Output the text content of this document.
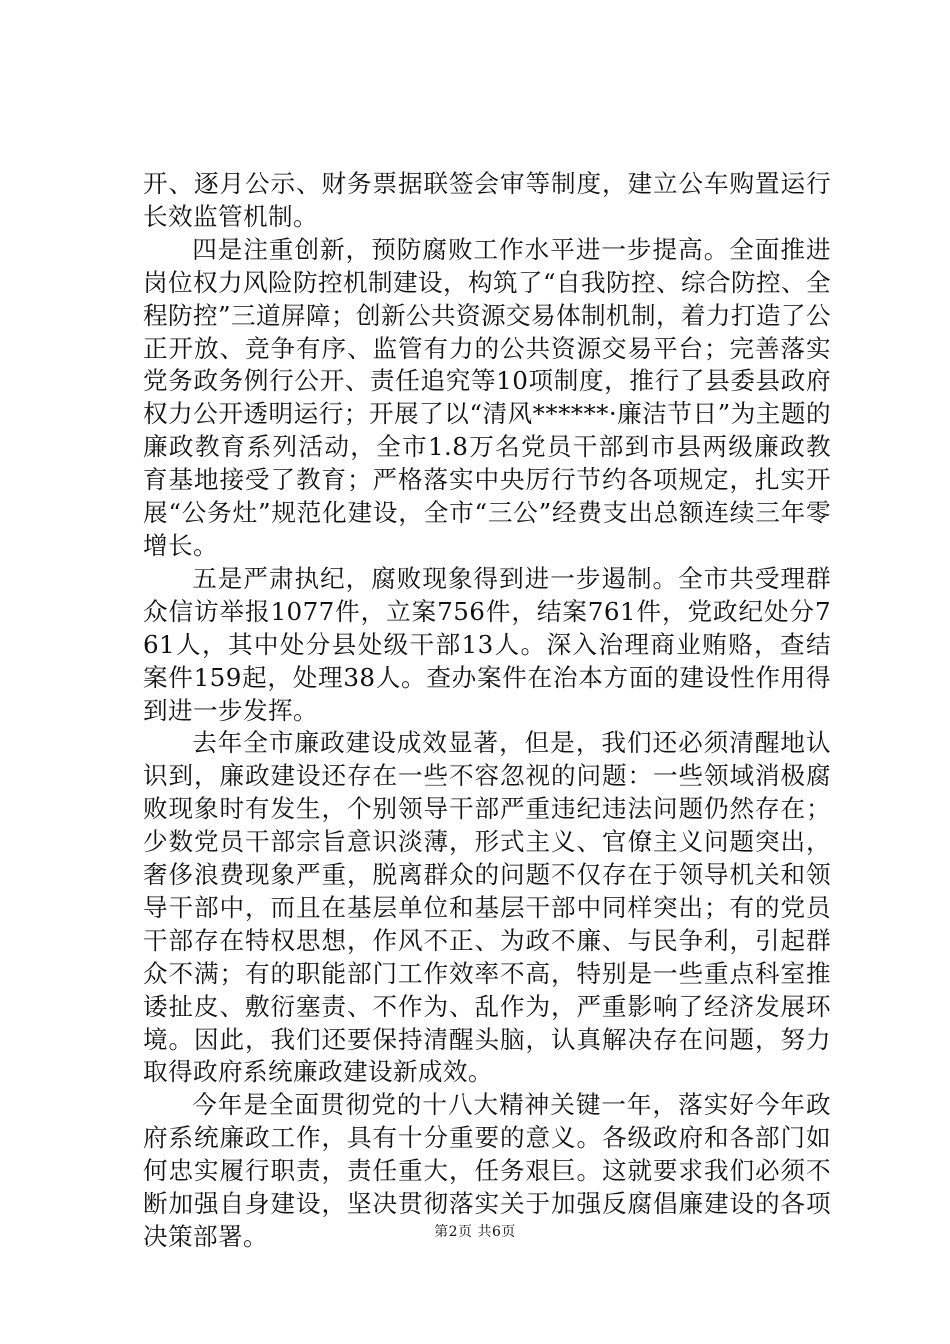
开、逐月公示、财务票据联签会审等制度，建立公车购置运行长效监管机制。

四是注重创新，预防腐败工作水平进一步提高。全面推进岗位权力风险防控机制建设，构筑了“自我防控、综合防控、全程防控”三道屏障；创新公共资源交易体制机制，着力打造了公正开放、竞争有序、监管有力的公共资源交易平台；完善落实党务政务例行公开、责任追究等10项制度，推行了县委县政府权力公开透明运行；开展了以“清风******·廉洁节日”为主题的廉政教育系列活动，全市1.8万名党员干部到市县两级廉政教育基地接受了教育；严格落实中央厉行节约各项规定，扎实开展“公务灶”规范化建设，全市“三公”经费支出总额连续三年零增长。

五是严肃执纪，腐败现象得到进一步遏制。全市共受理群众信访举报1077件，立案756件，结案761件，党政纪处分761人，其中处分县处级干部13人。深入治理商业贿赂，查结案件159起，处理38人。查办案件在治本方面的建设性作用得到进一步发挥。

去年全市廉政建设成效显著，但是，我们还必须清醒地认识到，廉政建设还存在一些不容忽视的问题：一些领域消极腐败现象时有发生，个别领导干部严重违纪违法问题仍然存在；少数党员干部宗旨意识淡薄，形式主义、官僚主义问题突出，奢侈浪费现象严重，脱离群众的问题不仅存在于领导机关和领导干部中，而且在基层单位和基层干部中同样突出；有的党员干部存在特权思想，作风不正、为政不廉、与民争利，引起群众不满；有的职能部门工作效率不高，特别是一些重点科室推诿扯皮、敷衍塞责、不作为、乱作为，严重影响了经济发展环境。因此，我们还要保持清醒头脑，认真解决存在问题，努力取得政府系统廉政建设新成效。

今年是全面贯彻党的十八大精神关键一年，落实好今年政府系统廉政工作，具有十分重要的意义。各级政府和各部门如何忠实履行职责，责任重大，任务艰巨。这就要求我们必须不断加强自身建设，坚决贯彻落实关于加强反腐倡廉建设的各项决策部署。	第2页 共6页
